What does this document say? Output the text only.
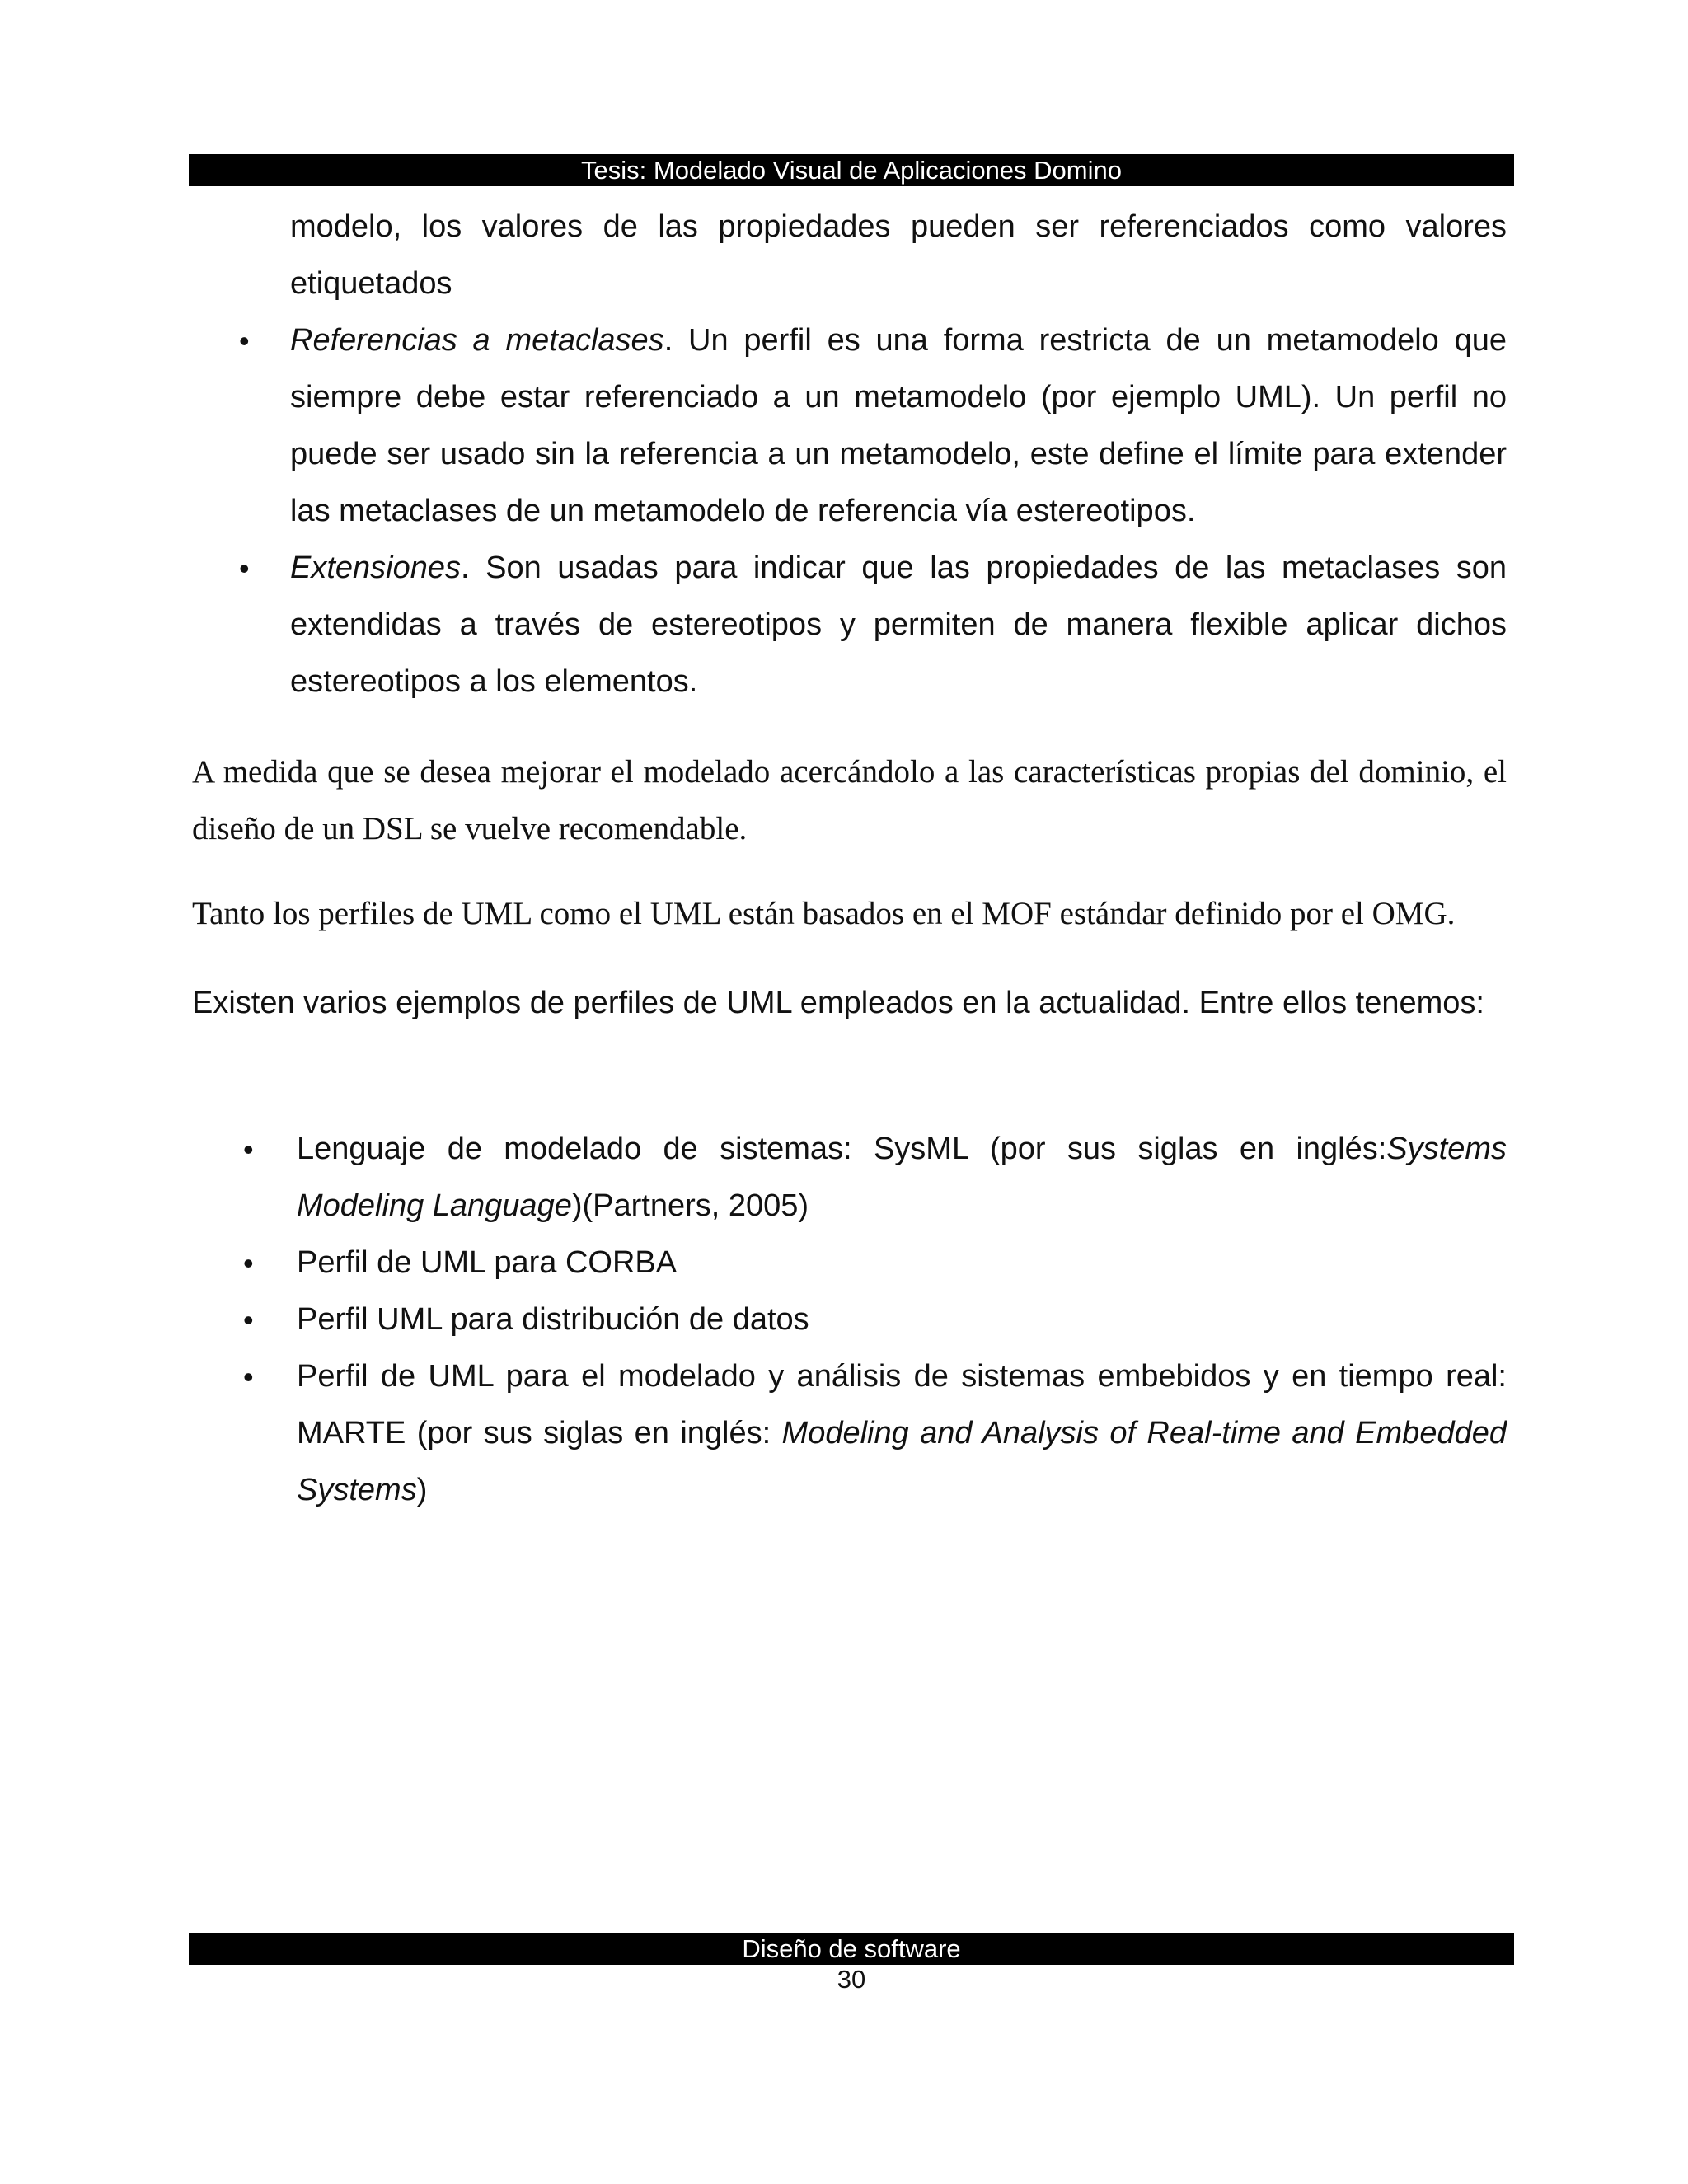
Tesis: Modelado Visual de Aplicaciones Domino
modelo, los valores de las propiedades pueden ser referenciados como valores etiquetados
• Referencias a metaclases. Un perfil es una forma restricta de un metamodelo que siempre debe estar referenciado a un metamodelo (por ejemplo UML). Un perfil no puede ser usado sin la referencia a un metamodelo, este define el límite para extender las metaclases de un metamodelo de referencia vía estereotipos.
• Extensiones. Son usadas para indicar que las propiedades de las metaclases son extendidas a través de estereotipos y permiten de manera flexible aplicar dichos estereotipos a los elementos.
A medida que se desea mejorar el modelado acercándolo a las características propias del dominio, el diseño de un DSL se vuelve recomendable.
Tanto los perfiles de UML como el UML están basados en el MOF estándar definido por el OMG.
Existen varios ejemplos de perfiles de UML empleados en la actualidad. Entre ellos tenemos:
• Lenguaje de modelado de sistemas: SysML (por sus siglas en inglés:Systems Modeling Language)(Partners, 2005)
• Perfil de UML para CORBA
• Perfil UML para distribución de datos
• Perfil de UML para el modelado y análisis de sistemas embebidos y en tiempo real: MARTE (por sus siglas en inglés: Modeling and Analysis of Real-time and Embedded Systems)
Diseño de software
30
